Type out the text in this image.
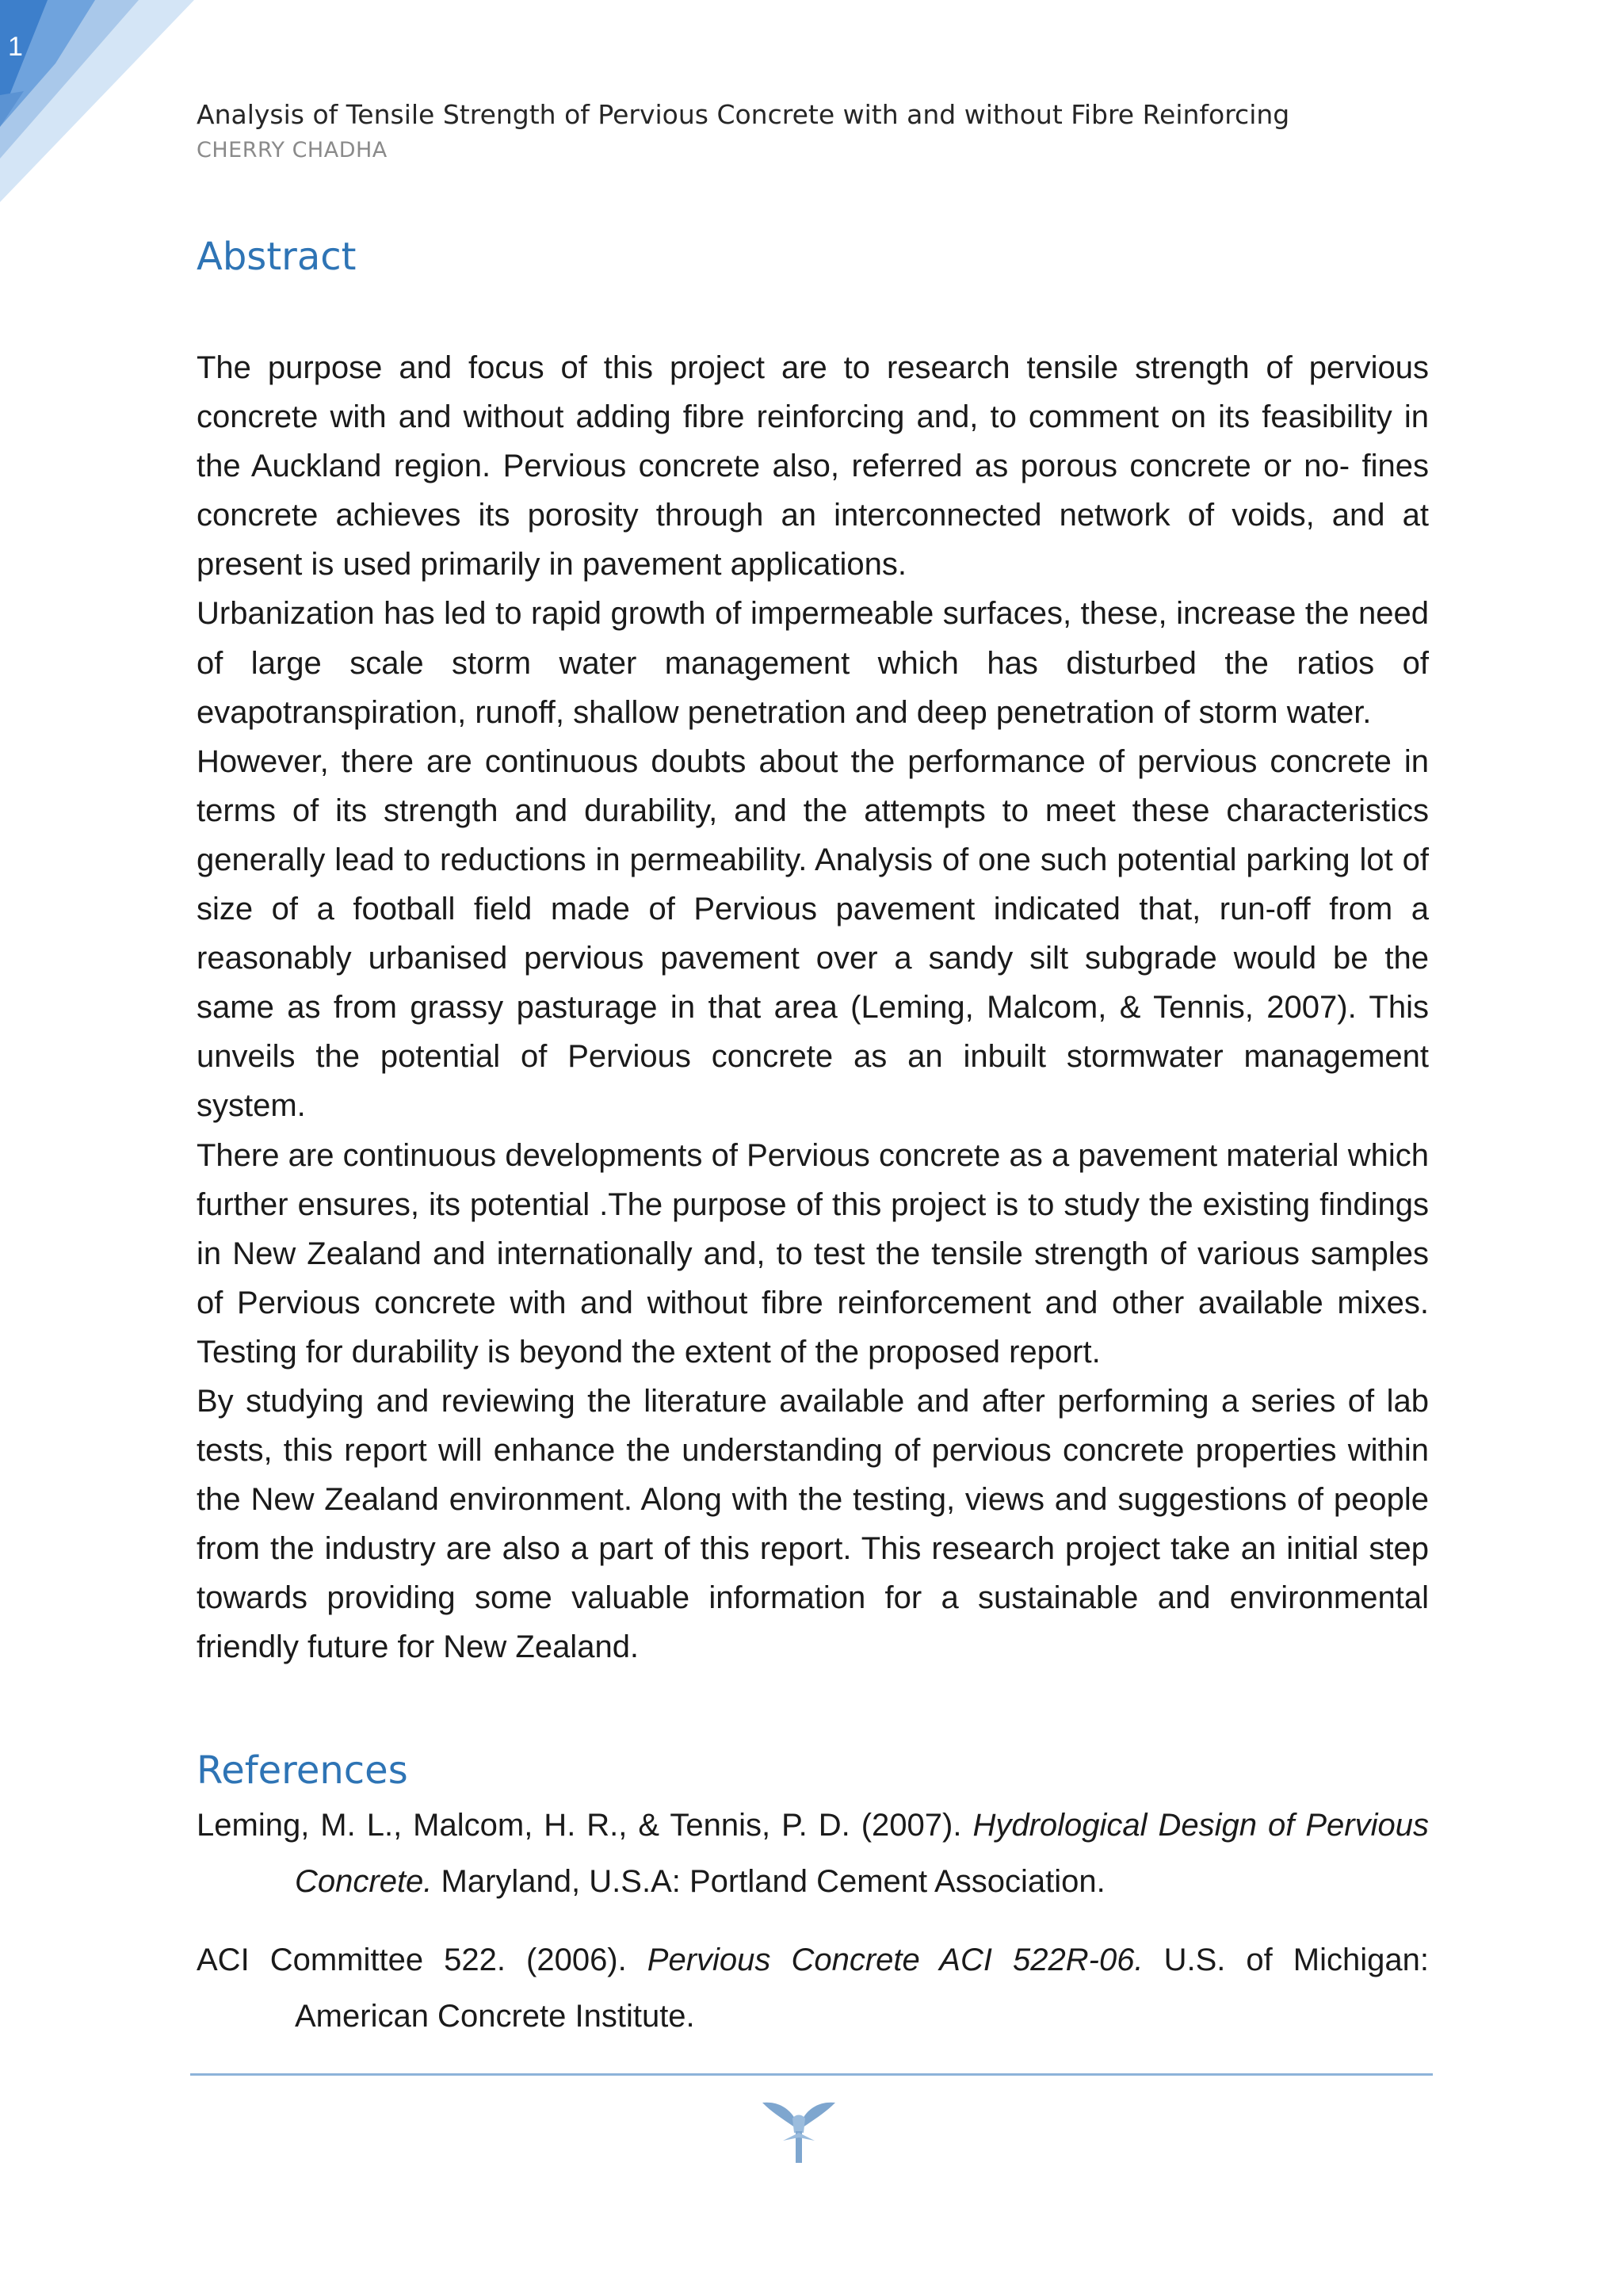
1
Analysis of Tensile Strength of Pervious Concrete with and without Fibre Reinforcing
CHERRY CHADHA
Abstract

The purpose and focus of this project are to research tensile strength of pervious concrete with and without adding fibre reinforcing and, to comment on its feasibility in the Auckland region. Pervious concrete also, referred as porous concrete or no- fines concrete achieves its porosity through an interconnected network of voids, and at present is used primarily in pavement applications.

Urbanization has led to rapid growth of impermeable surfaces, these, increase the need of large scale storm water management which has disturbed the ratios of evapotranspiration, runoff, shallow penetration and deep penetration of storm water.

However, there are continuous doubts about the performance of pervious concrete in terms of its strength and durability, and the attempts to meet these characteristics generally lead to reductions in permeability. Analysis of one such potential parking lot of size of a football field made of Pervious pavement indicated that, run-off from a reasonably urbanised pervious pavement over a sandy silt subgrade would be the same as from grassy pasturage in that area (Leming, Malcom, & Tennis, 2007). This unveils the potential of Pervious concrete as an inbuilt stormwater management system.

There are continuous developments of Pervious concrete as a pavement material which further ensures, its potential .The purpose of this project is to study the existing findings in New Zealand and internationally and, to test the tensile strength of various samples of Pervious concrete with and without fibre reinforcement and other available mixes. Testing for durability is beyond the extent of the proposed report.

By studying and reviewing the literature available and after performing a series of lab tests, this report will enhance the understanding of pervious concrete properties within the New Zealand environment. Along with the testing, views and suggestions of people from the industry are also a part of this report. This research project take an initial step towards providing some valuable information for a sustainable and environmental friendly future for New Zealand.

References

Leming, M. L., Malcom, H. R., & Tennis, P. D. (2007). Hydrological Design of Pervious Concrete. Maryland, U.S.A: Portland Cement Association.

ACI Committee 522. (2006). Pervious Concrete ACI 522R-06. U.S. of Michigan: American Concrete Institute.
